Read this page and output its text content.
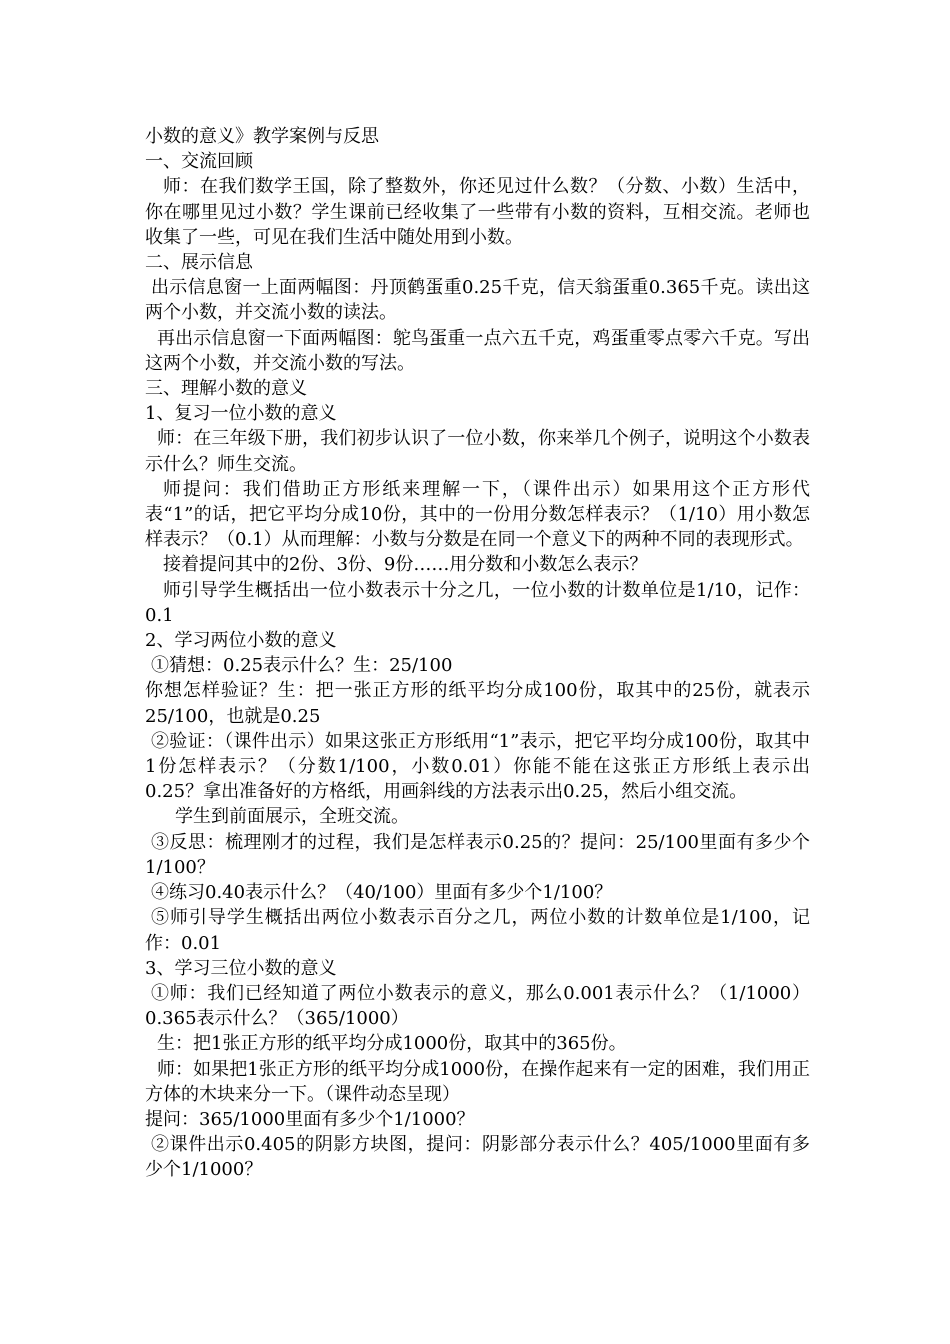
小数的意义》教学案例与反思

一、交流回顾

师：在我们数学王国，除了整数外，你还见过什么数？（分数、小数）生活中，你在哪里见过小数？学生课前已经收集了一些带有小数的资料，互相交流。老师也收集了一些，可见在我们生活中随处用到小数。

二、展示信息

出示信息窗一上面两幅图：丹顶鹤蛋重0.25千克，信天翁蛋重0.365千克。读出这两个小数，并交流小数的读法。

再出示信息窗一下面两幅图：鸵鸟蛋重一点六五千克，鸡蛋重零点零六千克。写出这两个小数，并交流小数的写法。

三、理解小数的意义

1、复习一位小数的意义

师：在三年级下册，我们初步认识了一位小数，你来举几个例子，说明这个小数表示什么？师生交流。

师提问：我们借助正方形纸来理解一下，（课件出示）如果用这个正方形代表“1”的话，把它平均分成10份，其中的一份用分数怎样表示？（1/10）用小数怎样表示？（0.1）从而理解：小数与分数是在同一个意义下的两种不同的表现形式。

接着提问其中的2份、3份、9份……用分数和小数怎么表示？

师引导学生概括出一位小数表示十分之几，一位小数的计数单位是1/10，记作：0.1

2、学习两位小数的意义

①猜想：0.25表示什么？生：25/100

你想怎样验证？生：把一张正方形的纸平均分成100份，取其中的25份，就表示25/100，也就是0.25

②验证：（课件出示）如果这张正方形纸用“1”表示，把它平均分成100份，取其中1份怎样表示？（分数1/100，小数0.01）你能不能在这张正方形纸上表示出0.25？拿出准备好的方格纸，用画斜线的方法表示出0.25，然后小组交流。

学生到前面展示，全班交流。

③反思：梳理刚才的过程，我们是怎样表示0.25的？提问：25/100里面有多少个1/100？

④练习0.40表示什么？（40/100）里面有多少个1/100？

⑤师引导学生概括出两位小数表示百分之几，两位小数的计数单位是1/100，记作：0.01

3、学习三位小数的意义

①师：我们已经知道了两位小数表示的意义，那么0.001表示什么？（1/1000）0.365表示什么？（365/1000）

生：把1张正方形的纸平均分成1000份，取其中的365份。

师：如果把1张正方形的纸平均分成1000份，在操作起来有一定的困难，我们用正方体的木块来分一下。（课件动态呈现）

提问：365/1000里面有多少个1/1000？

②课件出示0.405的阴影方块图，提问：阴影部分表示什么？405/1000里面有多少个1/1000？
